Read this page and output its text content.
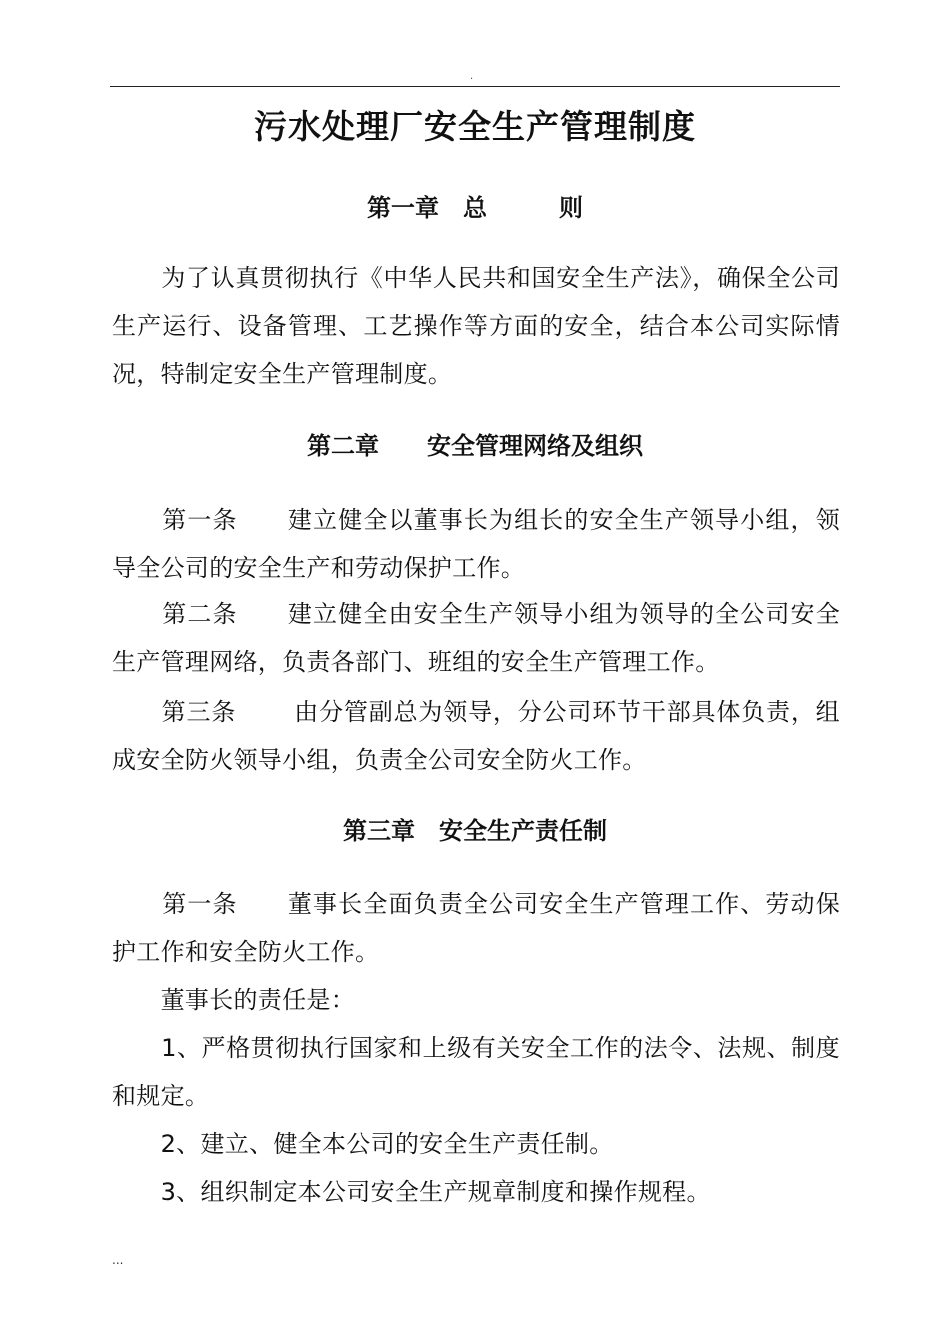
.
污水处理厂安全生产管理制度
第一章　总　　　则
　　为了认真贯彻执行《中华人民共和国安全生产法》，确保全公司生产运行、设备管理、工艺操作等方面的安全，结合本公司实际情况，特制定安全生产管理制度。
第二章　　安全管理网络及组织
　　第一条　　建立健全以董事长为组长的安全生产领导小组，领导全公司的安全生产和劳动保护工作。
　　第二条　　建立健全由安全生产领导小组为领导的全公司安全生产管理网络，负责各部门、班组的安全生产管理工作。
　　第三条　　 由分管副总为领导，分公司环节干部具体负责，组成安全防火领导小组，负责全公司安全防火工作。
第三章　安全生产责任制
　　第一条　　董事长全面负责全公司安全生产管理工作、劳动保护工作和安全防火工作。
　　董事长的责任是：
　　1、严格贯彻执行国家和上级有关安全工作的法令、法规、制度和规定。
　　2、建立、健全本公司的安全生产责任制。
　　3、组织制定本公司安全生产规章制度和操作规程。
...
